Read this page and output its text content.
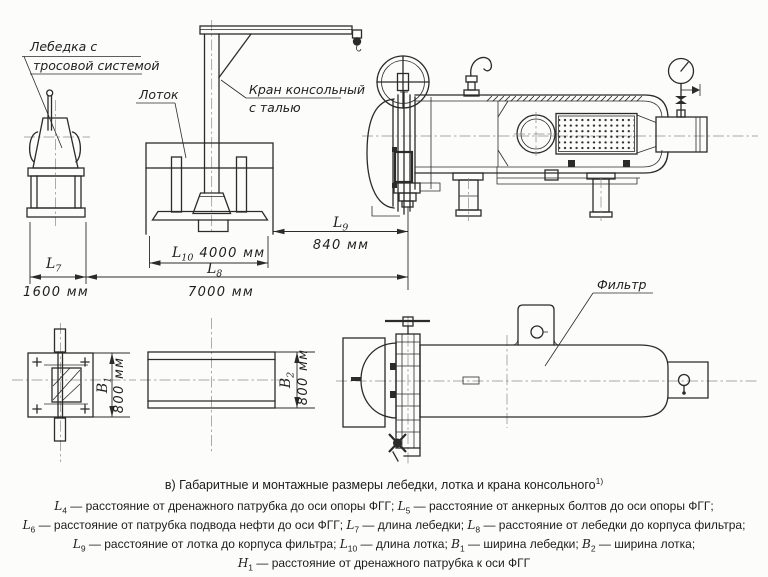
$L_7$
1600 мм
$L_8$
7000 мм
$L_9$
840 мм
$L_{10}$ 4000 мм
$B_1$
800 мм	$B_2$ 800 мм
Лебедка с
тросовой системой
Лоток	Кран консольный
с талью
Фильтр
в) Габаритные и монтажные размеры лебедки, лотка и крана консольного$^{1)}$
$L_4$ — расстояние от дренажного патрубка до оси опоры ФГГ; $L_5$ — расстояние от анкерных болтов до оси опоры ФГГ;
$L_6$ — расстояние от патрубка подвода нефти до оси ФГГ; $L_7$ — длина лебедки; $L_8$ — расстояние от лебедки до корпуса фильтра;
$L_9$ — расстояние от лотка до корпуса фильтра; $L_{10}$ — длина лотка; $B_1$ — ширина лебедки; $B_2$ — ширина лотка;
$H_1$ — расстояние от дренажного патрубка к оси ФГГ
